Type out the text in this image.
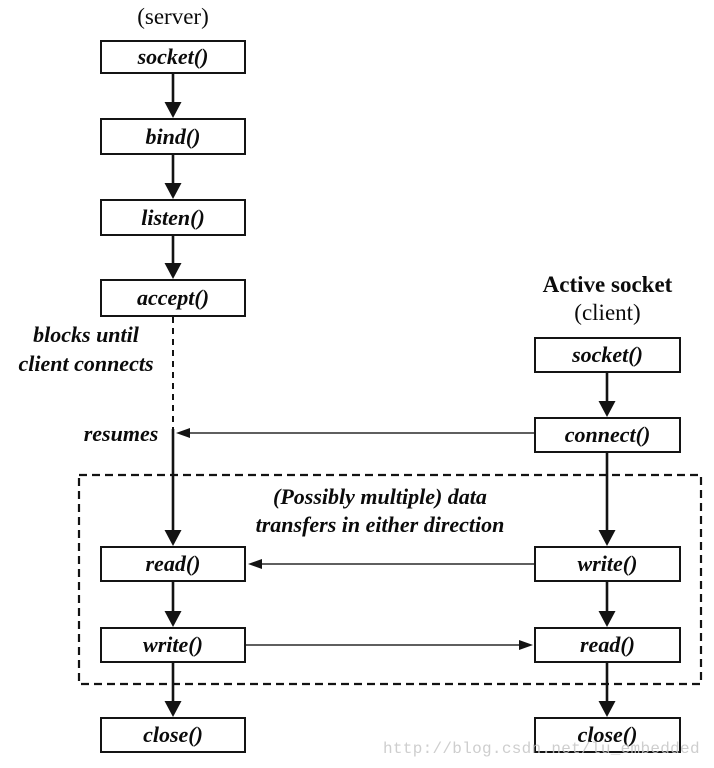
(server)
Active socket
(client)
socket()
bind()
listen()
accept()
read()
write()
close()
socket()
connect()
write()
read()
close()
blocks until
client connects
resumes
(Possibly multiple) data
transfers in either direction
http://blog.csdn.net/lu_embedded
